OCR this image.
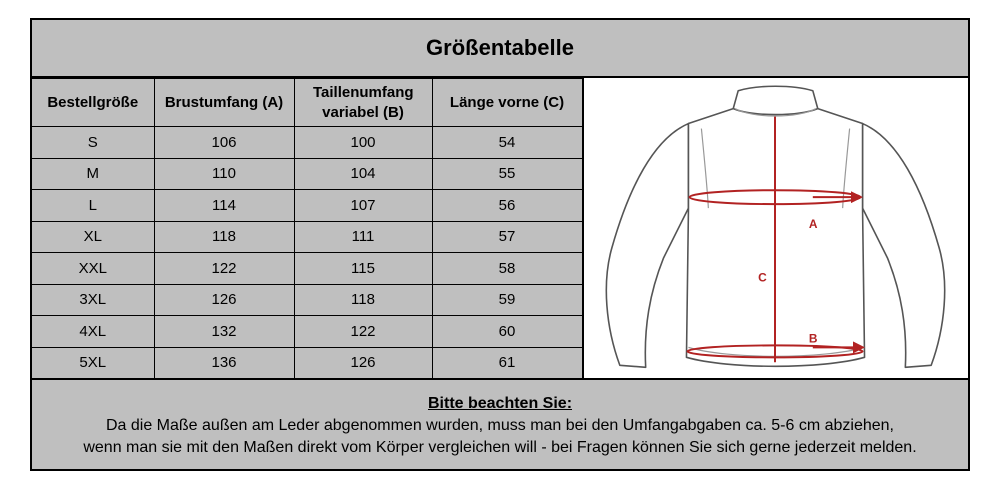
Größentabelle
Bestellgröße	Brustumfang (A)	Taillenumfang variabel (B)	Länge vorne (C)
S	106	100	54
M	110	104	55
L	114	107	56
XL	118	111	57
XXL	122	115	58
3XL	126	118	59
4XL	132	122	60
5XL	136	126	61
A
C
B
Bitte beachten Sie:
Da die Maße außen am Leder abgenommen wurden, muss man bei den Umfangabgaben ca. 5-6 cm abziehen,
wenn man sie mit den Maßen direkt vom Körper vergleichen will - bei Fragen können Sie sich gerne jederzeit melden.
